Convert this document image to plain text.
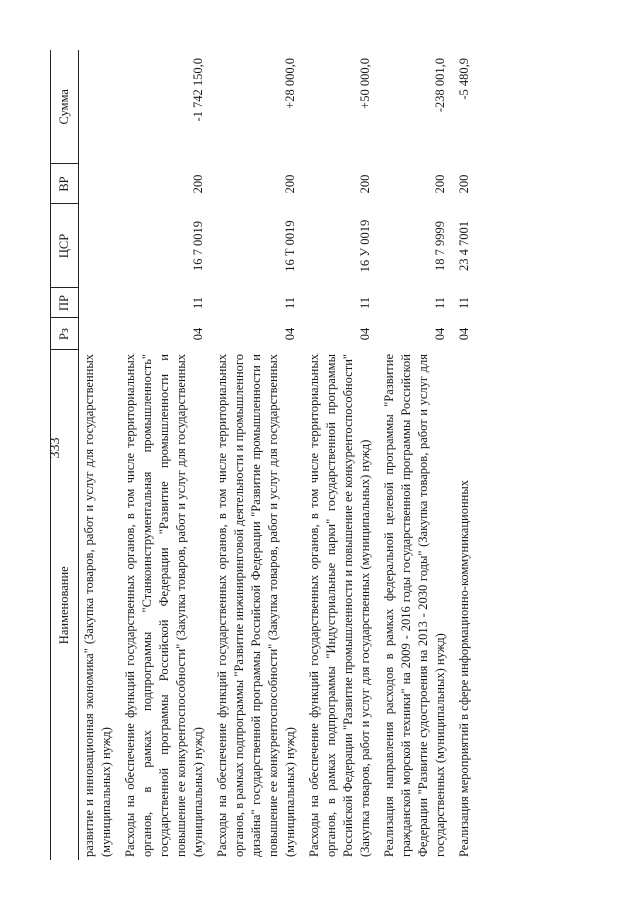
333
Наименование	Рз	ПР	ЦСР	ВР	Сумма
развитие и инновационная экономика" (Закупка товаров, работ и услуг для государственных (муниципальных) нужд)					
Расходы на обеспечение функций государственных органов, в том числе территориальных органов, в рамках подпрограммы "Станкоинструментальная промышленность" государственной программы Российской Федерации "Развитие промышленности и повышение ее конкурентоспособности" (Закупка товаров, работ и услуг для государственных (муниципальных) нужд)	04	11	16 7 0019	200	-1 742 150,0
Расходы на обеспечение функций государственных органов, в том числе территориальных органов, в рамках подпрограммы "Развитие инжиниринговой деятельности и промышленного дизайна" государственной программы Российской Федерации "Развитие промышленности и повышение ее конкурентоспособности" (Закупка товаров, работ и услуг для государственных (муниципальных) нужд)	04	11	16 Т 0019	200	+28 000,0
Расходы на обеспечение функций государственных органов, в том числе территориальных органов, в рамках подпрограммы "Индустриальные парки" государственной программы Российской Федерации "Развитие промышленности и повышение ее конкурентоспособности" (Закупка товаров, работ и услуг для государственных (муниципальных) нужд)	04	11	16 У 0019	200	+50 000,0
Реализация направления расходов в рамках федеральной целевой программы "Развитие гражданской морской техники" на 2009 - 2016 годы государственной программы Российской Федерации "Развитие судостроения на 2013 - 2030 годы" (Закупка товаров, работ и услуг для государственных (муниципальных) нужд)	04	11	18 7 9999	200	-238 001,0
Реализация мероприятий в сфере информационно-коммуникационных	04	11	23 4 7001	200	-5 480,9
